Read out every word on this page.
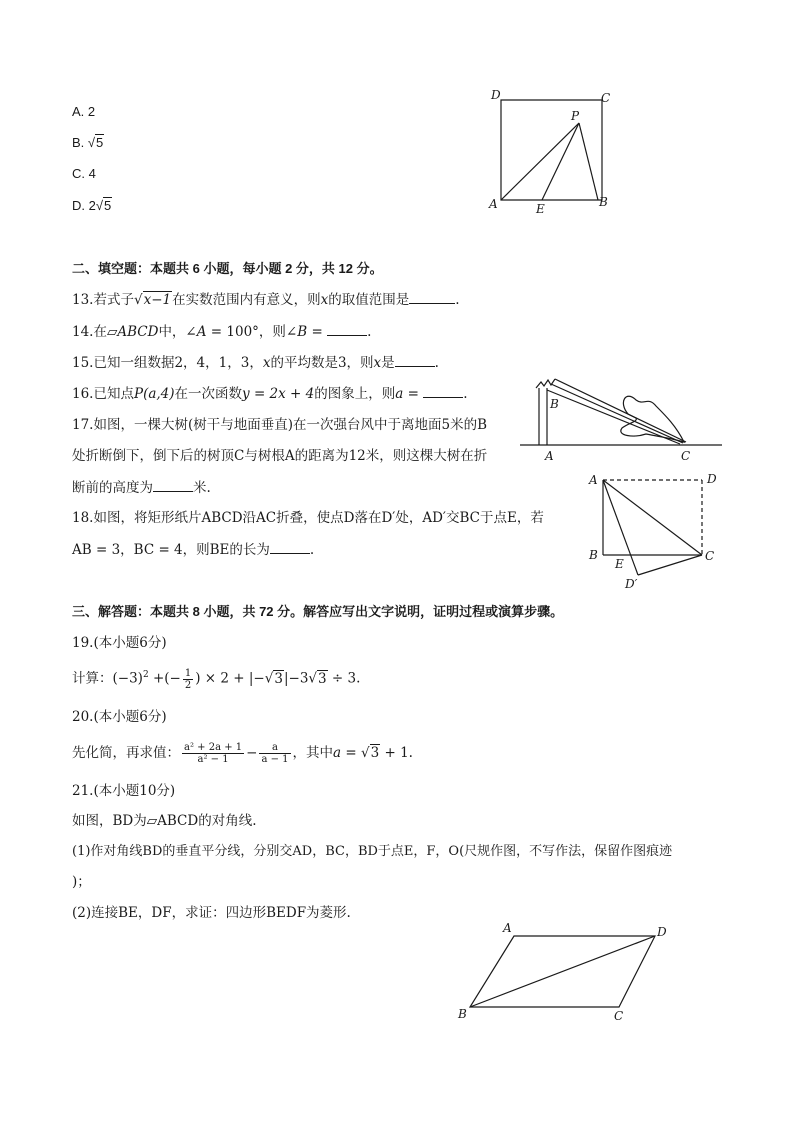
A. 2
B. √5
C. 4
D. 2√5
D	C
P
A	E	B
二、填空题：本题共 6 小题，每小题 2 分，共 12 分。
13.若式子√x−1在实数范围内有意义，则x的取值范围是	.
14.在▱ABCD中，∠A = 100°，则∠B =	.
15.已知一组数据2，4，1，3，x的平均数是3，则x是	.
16.已知点P(a,4)在一次函数y = 2x + 4的图象上，则a =	.
17.如图，一棵大树(树干与地面垂直)在一次强台风中于离地面5米的B
处折断倒下，倒下后的树顶C与树根A的距离为12米，则这棵大树在折
断前的高度为	米.
B
A	C
18.如图，将矩形纸片ABCD沿AC折叠，使点D落在D′处，AD′交BC于点E，若
AB = 3，BC = 4，则BE的长为	.
A	D
B
E
C
D′
三、解答题：本题共 8 小题，共 72 分。解答应写出文字说明，证明过程或演算步骤。
19.(本小题6分)
计算：$(-3)^2$ +(− $\frac{1}{2}$ ) × 2 + |−√3|−3√3 ÷ 3.
20.(本小题6分)
先化简，再求值： $\frac{\text{a² + 2a + 1}}{\text{a² − 1}} - \frac{a}{a - 1}$ ，其中a = √3 + 1.
21.(本小题10分)
如图，BD为▱ABCD的对角线.
(1)作对角线BD的垂直平分线，分别交AD，BC，BD于点E，F，O(尺规作图，不写作法，保留作图痕迹
)；
(2)连接BE，DF，求证：四边形BEDF为菱形.
A	D
B	C
